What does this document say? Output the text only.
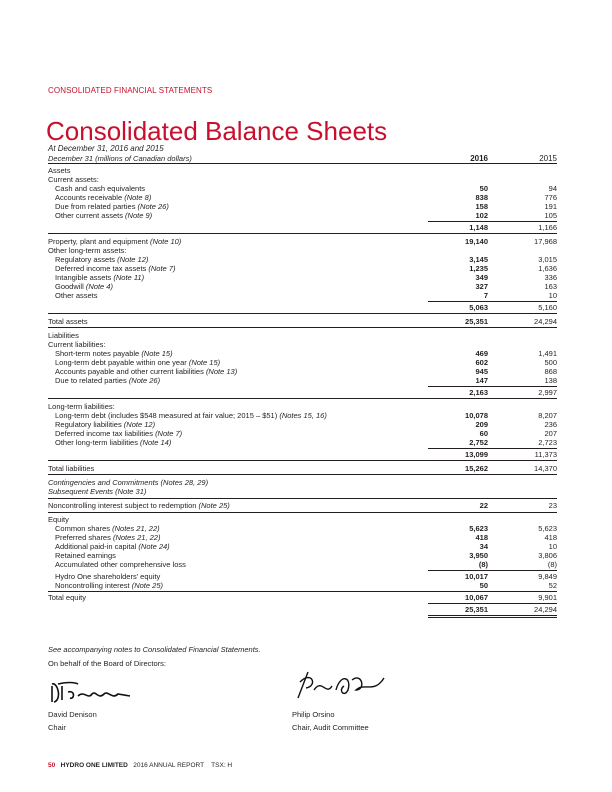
CONSOLIDATED FINANCIAL STATEMENTS
Consolidated Balance Sheets
At December 31, 2016 and 2015
December 31 (millions of Canadian dollars)	2016	2015
Assets
Current assets:
Cash and cash equivalents	50	94
Accounts receivable (Note 8)	838	776
Due from related parties (Note 26)	158	191
Other current assets (Note 9)	102	105
1,148	1,166
Property, plant and equipment (Note 10)	19,140	17,968
Other long-term assets:
Regulatory assets (Note 12)	3,145	3,015
Deferred income tax assets (Note 7)	1,235	1,636
Intangible assets (Note 11)	349	336
Goodwill (Note 4)	327	163
Other assets	7	10
5,063	5,160
Total assets	25,351	24,294
Liabilities
Current liabilities:
Short-term notes payable (Note 15)	469	1,491
Long-term debt payable within one year (Note 15)	602	500
Accounts payable and other current liabilities (Note 13)	945	868
Due to related parties (Note 26)	147	138
2,163	2,997
Long-term liabilities:
Long-term debt (includes $548 measured at fair value; 2015 – $51) (Notes 15, 16)	10,078	8,207
Regulatory liabilities (Note 12)	209	236
Deferred income tax liabilities (Note 7)	60	207
Other long-term liabilities (Note 14)	2,752	2,723
13,099	11,373
Total liabilities	15,262	14,370
Contingencies and Commitments (Notes 28, 29)
Subsequent Events (Note 31)
Noncontrolling interest subject to redemption (Note 25)	22	23
Equity
Common shares (Notes 21, 22)	5,623	5,623
Preferred shares (Notes 21, 22)	418	418
Additional paid-in capital (Note 24)	34	10
Retained earnings	3,950	3,806
Accumulated other comprehensive loss	(8)	(8)
Hydro One shareholders’ equity	10,017	9,849
Noncontrolling interest (Note 25)	50	52
Total equity	10,067	9,901
25,351	24,294
See accompanying notes to Consolidated Financial Statements.
On behalf of the Board of Directors:
David Denison
Chair
Philip Orsino
Chair, Audit Committee
50 HYDRO ONE LIMITED 2016 ANNUAL REPORT TSX: H
